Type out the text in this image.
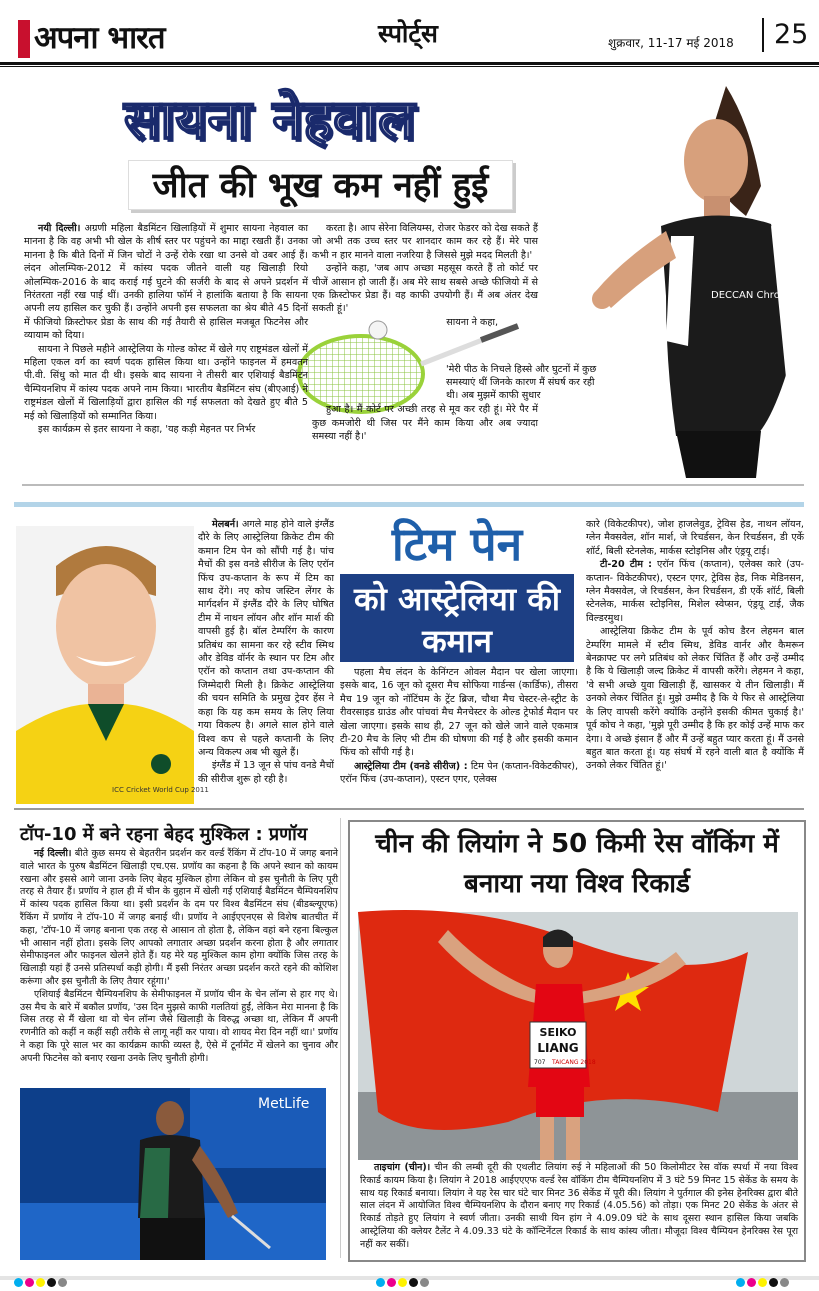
अपना भारत	स्पोर्ट्स	शुक्रवार, 11-17 मई 2018	25
DECCAN Chronicle
सायना नेहवाल
जीत की भूख कम नहीं हुई

नयी दिल्ली। अग्रणी महिला बैडमिंटन खिलाड़ियों में शुमार सायना नेहवाल का मानना है कि वह अभी भी खेल के शीर्ष स्तर पर पहुंचने का माद्दा रखती हैं। उनका मानना है कि बीते दिनों में जिन चोटों ने उन्हें रोके रखा था उनसे वो उबर आई हैं। लंदन ओलम्पिक-2012 में कांस्य पदक जीतने वाली यह खिलाड़ी रियो ओलम्पिक-2016 के बाद कराई गई घुटने की सर्जरी के बाद से अपने प्रदर्शन में निरंतरता नहीं रख पाई थीं। उनकी हालिया फॉर्म ने हालांकि बताया है कि सायना अपनी लय हासिल कर चुकी हैं। उन्होंने अपनी इस सफलता का श्रेय बीते 45 दिनों में फीजियो क्रिस्टोफर प्रेडा के साथ की गई तैयारी से हासिल मजबूत फिटनेस और व्यायाम को दिया।

सायना ने पिछले महीने आस्ट्रेलिया के गोल्ड कोस्ट में खेले गए राष्ट्रमंडल खेलों में महिला एकल वर्ग का स्वर्ण पदक हासिल किया था। उन्होंने फाइनल में हमवतन पी.वी. सिंधु को मात दी थी। इसके बाद सायना ने तीसरी बार एशियाई बैडमिंटन चैम्पियनशिप में कांस्य पदक अपने नाम किया। भारतीय बैडमिंटन संघ (बीएआई) ने राष्ट्रमंडल खेलों में खिलाड़ियों द्वारा हासिल की गई सफलता को देखते हुए बीते 5 मई को खिलाड़ियों को सम्मानित किया।

इस कार्यक्रम से इतर सायना ने कहा, 'यह कड़ी मेहनत पर निर्भर

करता है। आप सेरेना विलियम्स, रोजर फेडरर को देख सकते हैं जो अभी तक उच्च स्तर पर शानदार काम कर रहे हैं। मेरे पास कभी न हार मानने वाला नजरिया है जिससे मुझे मदद मिलती है।'

उन्होंने कहा, 'जब आप अच्छा महसूस करते हैं तो कोर्ट पर चीजें आसान हो जाती हैं। अब मेरे साथ सबसे अच्छे फीजियो में से एक क्रिस्टोफर प्रेडा हैं। वह काफी उपयोगी हैं। मैं अब अंतर देख सकती हूं।'

सायना ने कहा,

हुआ है। मैं कोर्ट पर अच्छी तरह से मूव कर रही हूं। मेरे पैर में कुछ कमजोरी थी जिस पर मैंने काम किया और अब ज्यादा समस्या नहीं है।'

'मेरी पीठ के निचले हिस्से और घुटनों में कुछ समस्याएं थीं जिनके कारण मैं संघर्ष कर रही थी। अब मुझमें काफी सुधार
ICC Cricket World Cup 2011

मेलबर्न। अगले माह होने वाले इंग्लैंड दौरे के लिए आस्ट्रेलिया क्रिकेट टीम की कमान टिम पेन को सौंपी गई है। पांच मैचों की इस वनडे सीरीज के लिए एरॉन फिंच उप-कप्तान के रूप में टिम का साथ देंगे। नए कोच जस्टिन लेंगर के मार्गदर्शन में इंग्लैंड दौरे के लिए घोषित टीम में नाथन लॉयन और शॉन मार्श की वापसी हुई है। बॉल टेम्परिंग के कारण प्रतिबंध का सामना कर रहे स्टीव स्मिथ और डेविड वॉर्नर के स्थान पर टिम और एरॉन को कप्तान तथा उप-कप्तान की जिम्मेदारी मिली है। क्रिकेट आस्ट्रेलिया की चयन समिति के प्रमुख ट्रेवर हेंस ने कहा कि यह कम समय के लिए लिया गया विकल्प है। अगले साल होने वाले विश्व कप से पहले कप्तानी के लिए अन्य विकल्प अब भी खुले हैं।

इंग्लैंड में 13 जून से पांच वनडे मैचों की सीरीज शुरू हो रही है।

टिम पेन
को आस्ट्रेलिया की कमान

पहला मैच लंदन के केनिंग्टन ओवल मैदान पर खेला जाएगा। इसके बाद, 16 जून को दूसरा मैच सोफिया गार्डन्स (कार्डिफ), तीसरा मैच 19 जून को नॉटिंघम के ट्रेंट ब्रिज, चौथा मैच चेस्टर-ले-स्ट्रीट के रीवरसाइड ग्राउंड और पांचवां मैच मैनचेस्टर के ओल्ड ट्रेफोर्ड मैदान पर खेला जाएगा। इसके साथ ही, 27 जून को खेले जाने वाले एकमात्र टी-20 मैच के लिए भी टीम की घोषणा की गई है और इसकी कमान फिंच को सौंपी गई है।

आस्ट्रेलिया टीम (वनडे सीरीज) : टिम पेन (कप्तान-विकेटकीपर), एरॉन फिंच (उप-कप्तान), एस्टन एगर, एलेक्स

कारे (विकेटकीपर), जोश हाजलेवुड, ट्रेविस हेड, नाथन लॉयन, ग्लेन मैक्सवेल, शॉन मार्श, जे रिचर्डसन, केन रिचर्डसन, डी एर्के शॉर्ट, बिली स्टेनलेक, मार्कस स्टोइनिस और एंड्रयू टाई।

टी-20 टीम : एरॉन फिंच (कप्तान), एलेक्स कारे (उप-कप्तान- विकेटकीपर), एस्टन एगर, ट्रेविस हेड, निक मेडिनसन, ग्लेन मैक्सवेल, जे रिचर्डसन, केन रिचर्डसन, डी एर्के शॉर्ट, बिली स्टेनलेक, मार्कस स्टोइनिस, मिशेल स्वेप्सन, एंड्रयू टाई, जैक विल्डरमुथ।

आस्ट्रेलिया क्रिकेट टीम के पूर्व कोच डैरन लेहमन बाल टेम्परिंग मामले में स्टीव स्मिथ, डेविड वार्नर और कैमरून बेनक्राफ्ट पर लगे प्रतिबंध को लेकर चिंतित हैं और उन्हें उम्मीद है कि ये खिलाड़ी जल्द क्रिकेट में वापसी करेंगे। लेहमन ने कहा, 'वे सभी अच्छे युवा खिलाड़ी हैं, खासकर ये तीन खिलाड़ी। मैं उनको लेकर चिंतित हूं। मुझे उम्मीद है कि ये फिर से आस्ट्रेलिया के लिए वापसी करेंगे क्योंकि उन्होंने इसकी कीमत चुकाई है।' पूर्व कोच ने कहा, 'मुझे पूरी उम्मीद है कि हर कोई उन्हें माफ कर देगा। वे अच्छे इंसान हैं और मैं उन्हें बहुत प्यार करता हूं। मैं उनसे बहुत बात करता हूं। यह संघर्ष में रहने वाली बात है क्योंकि मैं उनको लेकर चिंतित हूं।'

टॉप-10 में बने रहना बेहद मुश्किल : प्रणॉय

नई दिल्ली। बीते कुछ समय से बेहतरीन प्रदर्शन कर वर्ल्ड रैंकिंग में टॉप-10 में जगह बनाने वाले भारत के पुरुष बैडमिंटन खिलाड़ी एच.एस. प्रणॉय का कहना है कि अपने स्थान को कायम रखना और इससे आगे जाना उनके लिए बेहद मुश्किल होगा लेकिन वो इस चुनौती के लिए पूरी तरह से तैयार हैं। प्रणॉय ने हाल ही में चीन के वुहान में खेली गई एशियाई बैडमिंटन चैम्पियनशिप में कांस्य पदक हासिल किया था। इसी प्रदर्शन के दम पर विश्व बैडमिंटन संघ (बीडब्ल्यूएफ) रैंकिंग में प्रणॉय ने टॉप-10 में जगह बनाई थी। प्रणॉय ने आईएएनएस से विशेष बातचीत में कहा, 'टॉप-10 में जगह बनाना एक तरह से आसान तो होता है, लेकिन वहां बने रहना बिल्कुल भी आसान नहीं होता। इसके लिए आपको लगातार अच्छा प्रदर्शन करना होता है और लगातार सेमीफाइनल और फाइनल खेलने होते हैं। यह मेरे यह मुश्किल काम होगा क्योंकि जिस तरह के खिलाड़ी यहां हैं उनसे प्रतिस्पर्धा कड़ी होगी। मैं इसी निरंतर अच्छा प्रदर्शन करते रहने की कोशिश करूंगा और इस चुनौती के लिए तैयार रहूंगा।'

एशियाई बैडमिंटन चैम्पियनशिप के सेमीफाइनल में प्रणॉय चीन के चेन लॉन्ग से हार गए थे। उस मैच के बारे में बकौल प्रणॉय, 'उस दिन मुझसे काफी गलतियां हुईं, लेकिन मेरा मानना है कि जिस तरह से मैं खेला था वो चेन लॉन्ग जैसे खिलाड़ी के विरुद्ध अच्छा था, लेकिन मैं अपनी रणनीति को कहीं न कहीं सही तरीके से लागू नहीं कर पाया। वो शायद मेरा दिन नहीं था।' प्रणॉय ने कहा कि पूरे साल भर का कार्यक्रम काफी व्यस्त है, ऐसे में टूर्नामेंट में खेलने का चुनाव और अपनी फिटनेस को बनाए रखना उनके लिए चुनौती होगी।

MetLife
चीन की लियांग ने 50 किमी रेस वॉकिंग में बनाया नया विश्व रिकार्ड
SEIKO
LIANG
707 TAICANG 2018

ताइचांग (चीन)। चीन की लम्बी दूरी की एथलीट लियांग रुई ने महिलाओं की 50 किलोमीटर रेस वॉक स्पर्धा में नया विश्व रिकार्ड कायम किया है। लियांग ने 2018 आईएएएफ वर्ल्ड रेस वॉकिंग टीम चैम्पियनशिप में 3 घंटे 59 मिनट 15 सेकेंड के समय के साथ यह रिकार्ड बनाया। लियांग ने यह रेस चार घंटे चार मिनट 36 सेकेंड में पूरी की। लियांग ने पुर्तगाल की इनेस हेनरिक्स द्वारा बीते साल लंदन में आयोजित विश्व चैम्पियनशिप के दौरान बनाए गए रिकार्ड (4.05.56) को तोड़ा। एक मिनट 20 सेकेंड के अंतर से रिकार्ड तोड़ते हुए लियांग ने स्वर्ण जीता। उनकी साथी यिन हांग ने 4.09.09 घंटे के साथ दूसरा स्थान हासिल किया जबकि आस्ट्रेलिया की क्लेयर टैलेंट ने 4.09.33 घंटे के कॉन्टिनेंटल रिकार्ड के साथ कांस्य जीता। मौजूदा विश्व चैम्पियन हेनरिक्स रेस पूरा नहीं कर सकीं।
